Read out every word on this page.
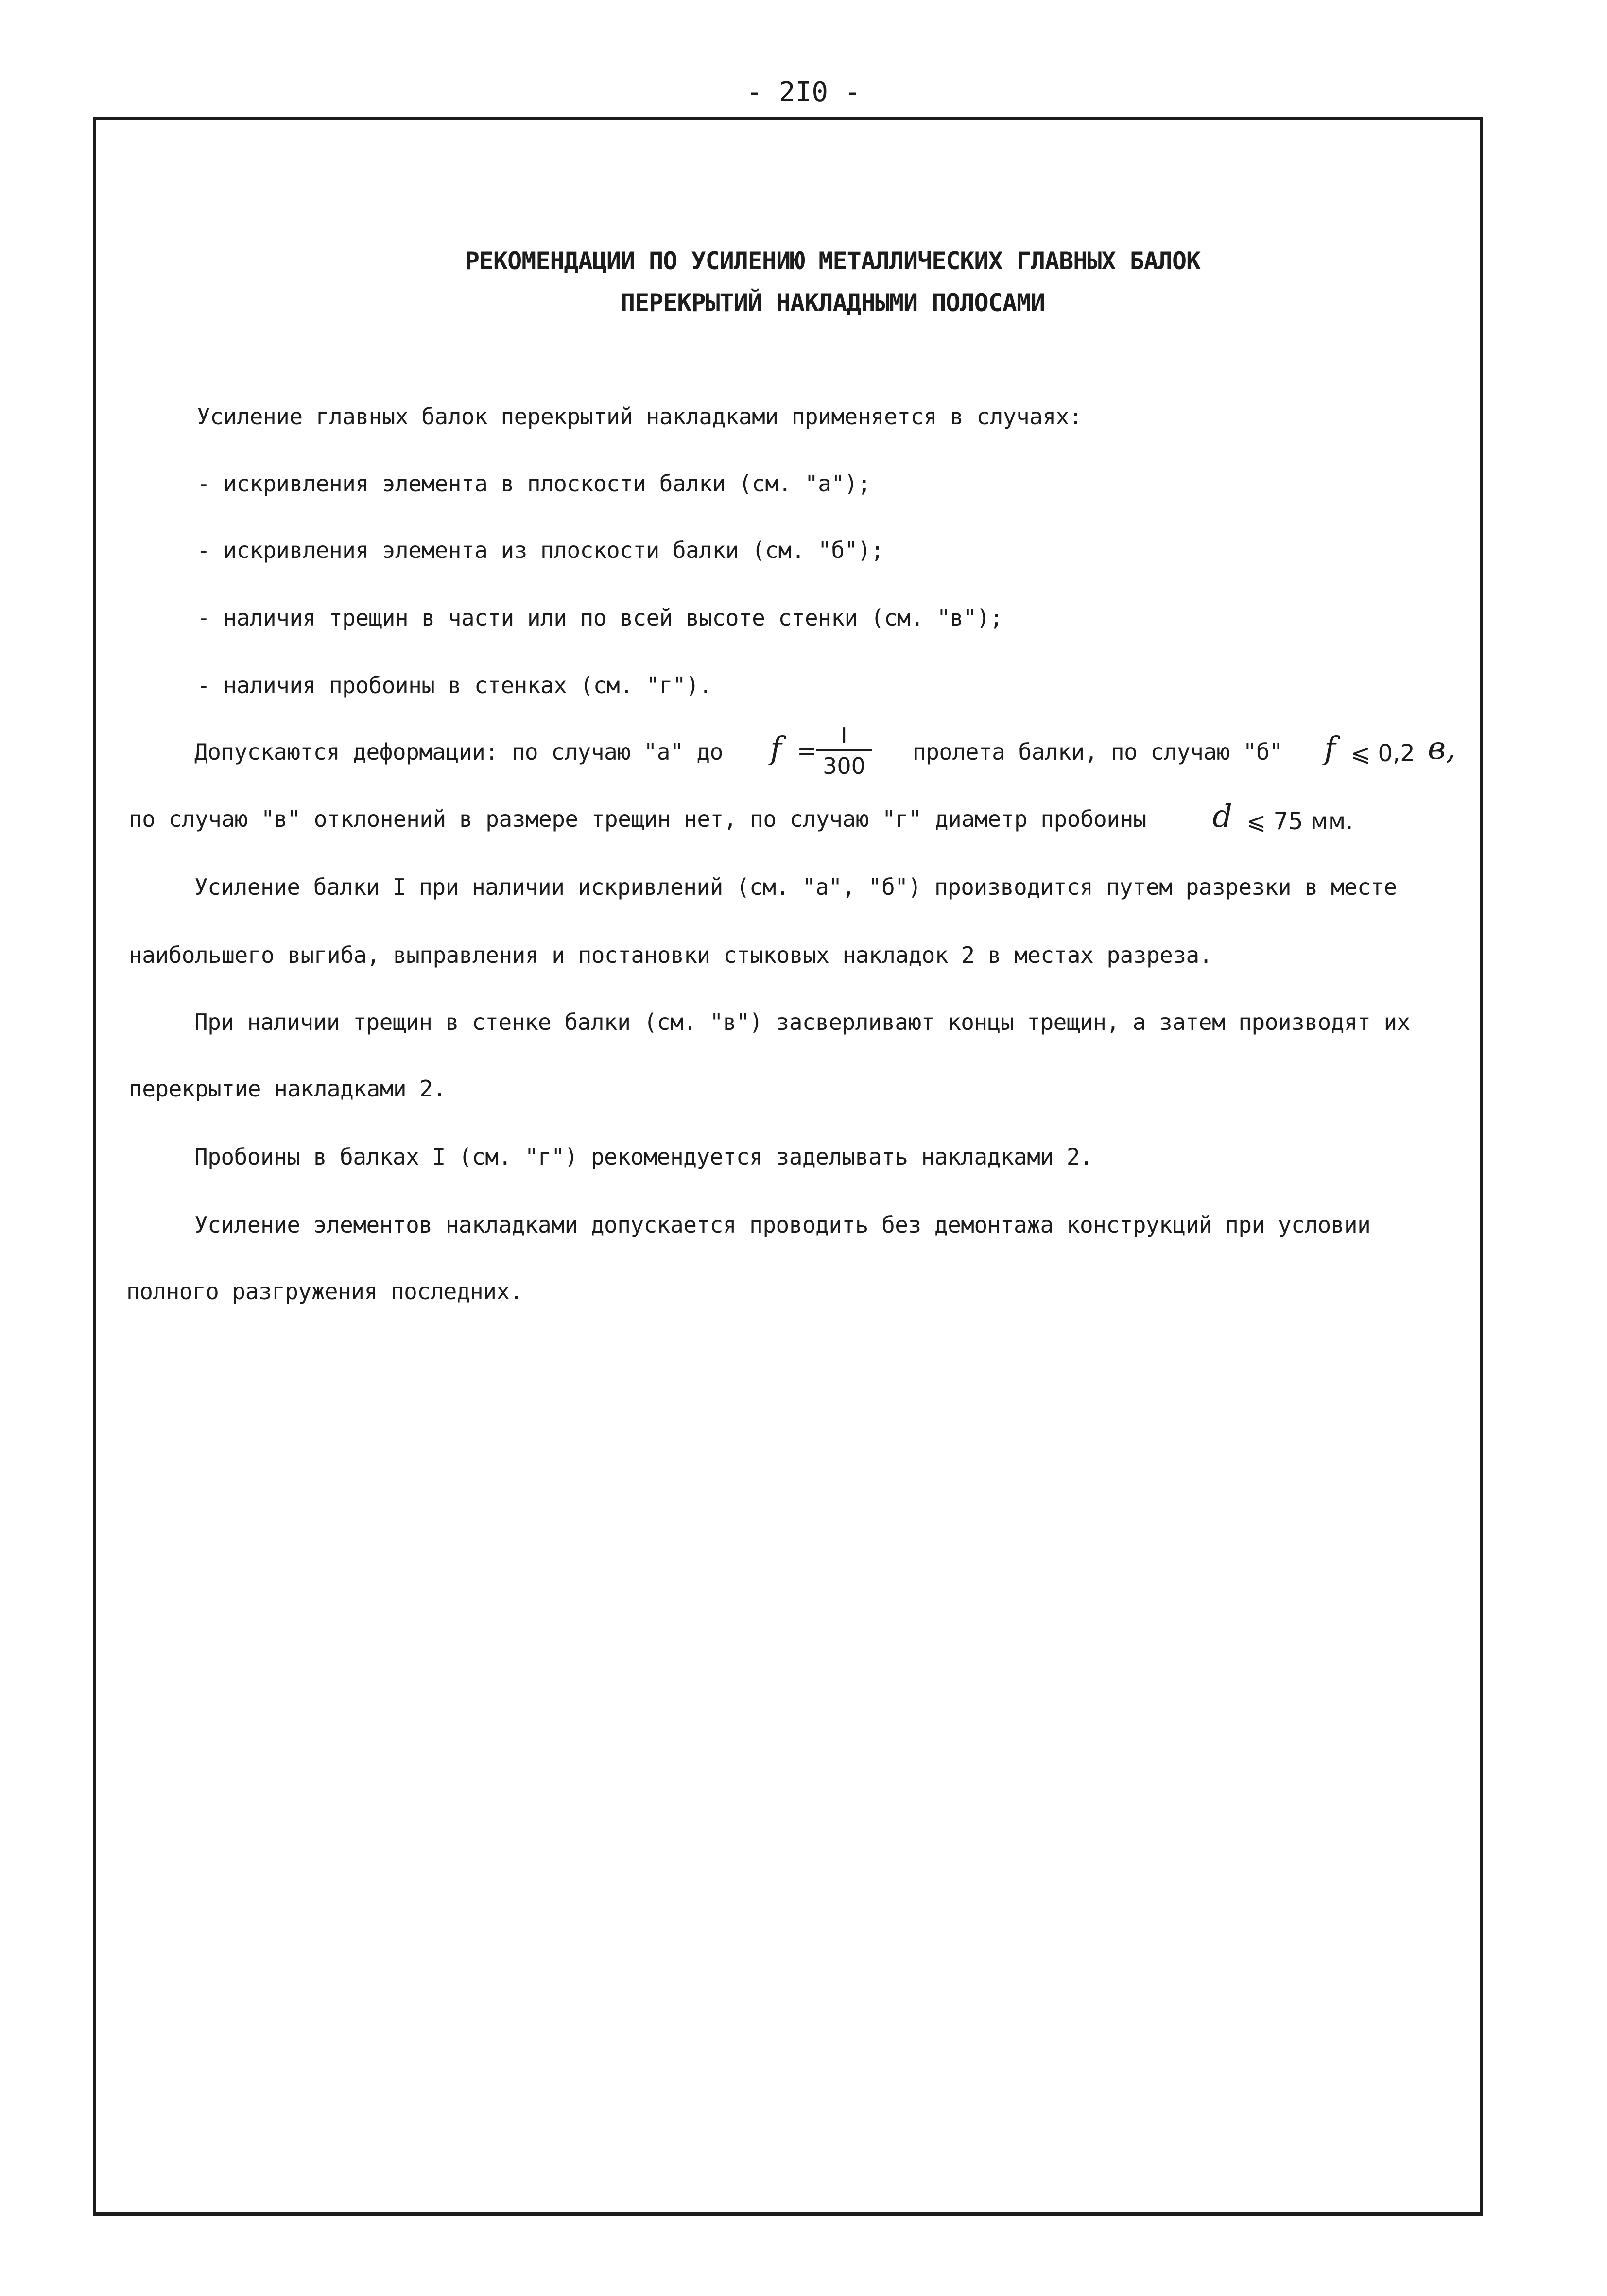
- 2I0 -
РЕКОМЕНДАЦИИ ПО УСИЛЕНИЮ МЕТАЛЛИЧЕСКИХ ГЛАВНЫХ БАЛОК
ПЕРЕКРЫТИЙ НАКЛАДНЫМИ ПОЛОСАМИ
Усиление главных балок перекрытий накладками применяется в случаях:
- искривления элемента в плоскости балки (см. "а");
- искривления элемента из плоскости балки (см. "б");
- наличия трещин в части или по всей высоте стенки (см. "в");
- наличия пробоины в стенках (см. "г").
Допускаются деформации: по случаю "а" до f =
I
300
пролета балки, по случаю "б" f ⩽ 0,2 в,
по случаю "в" отклонений в размере трещин нет, по случаю "г" диаметр пробоины d ⩽ 75 мм.
Усиление балки I при наличии искривлений (см. "а", "б") производится путем разрезки в месте
наибольшего выгиба, выправления и постановки стыковых накладок 2 в местах разреза.
При наличии трещин в стенке балки (см. "в") засверливают концы трещин, а затем производят их
перекрытие накладками 2.
Пробоины в балках I (см. "г") рекомендуется заделывать накладками 2.
Усиление элементов накладками допускается проводить без демонтажа конструкций при условии
полного разгружения последних.
